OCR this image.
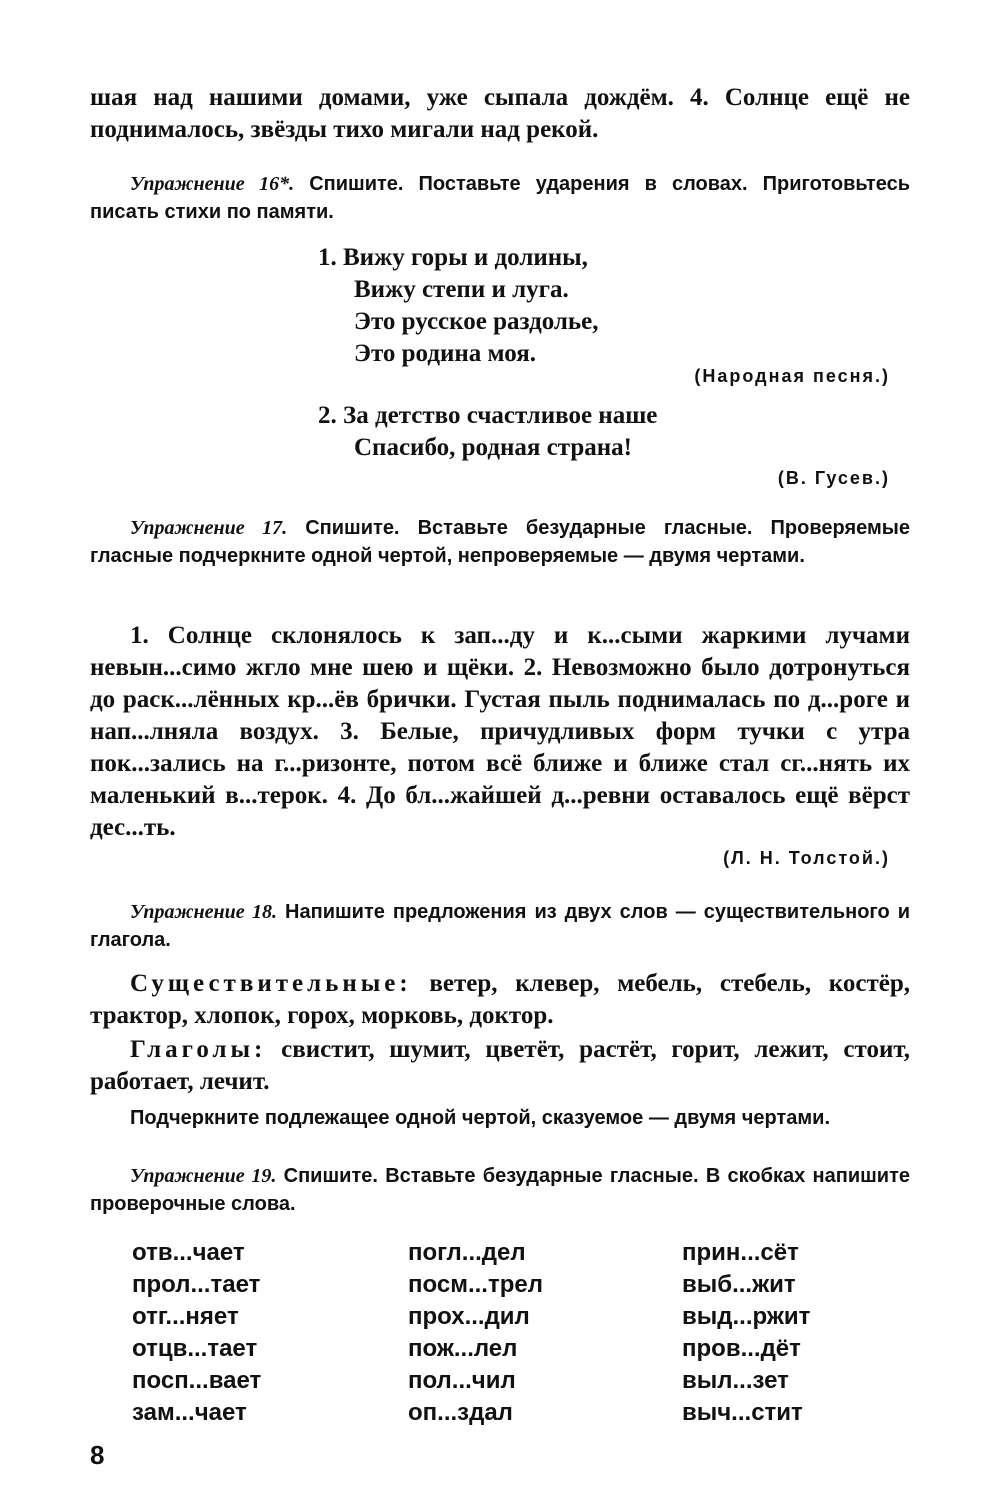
шая над нашими домами, уже сыпала дождём. 4. Солнце ещё не поднималось, звёзды тихо мигали над рекой.
Упражнение 16*. Спишите. Поставьте ударения в словах. Приготовьтесь писать стихи по памяти.
1. Вижу горы и долины,
Вижу степи и луга.
Это русское раздолье,
Это родина моя.
(Народная песня.)
2. За детство счастливое наше
Спасибо, родная страна!
(В. Гусев.)
Упражнение 17. Спишите. Вставьте безударные гласные. Проверяемые гласные подчеркните одной чертой, непроверяемые — двумя чертами.
1. Солнце склонялось к зап...ду и к...сыми жаркими лучами невын...симо жгло мне шею и щёки. 2. Невозможно было дотронуться до раск...лённых кр...ёв брички. Густая пыль поднималась по д...роге и нап...лняла воздух. 3. Белые, причудливых форм тучки с утра пок...зались на г...ризонте, потом всё ближе и ближе стал сг...нять их маленький в...терок. 4. До бл...жайшей д...ревни оставалось ещё вёрст дес...ть.
(Л. Н. Толстой.)
Упражнение 18. Напишите предложения из двух слов — существительного и глагола.
Существительные: ветер, клевер, мебель, стебель, костёр, трактор, хлопок, горох, морковь, доктор.
Глаголы: свистит, шумит, цветёт, растёт, горит, лежит, стоит, работает, лечит.
Подчеркните подлежащее одной чертой, сказуемое — двумя чертами.
Упражнение 19. Спишите. Вставьте безударные гласные. В скобках напишите проверочные слова.
отв...чает
прол...тает
отг...няет
отцв...тает
посп...вает
зам...чает
погл...дел
посм...трел
прох...дил
пож...лел
пол...чил
оп...здал
прин...сёт
выб...жит
выд...ржит
пров...дёт
выл...зет
выч...стит
8
